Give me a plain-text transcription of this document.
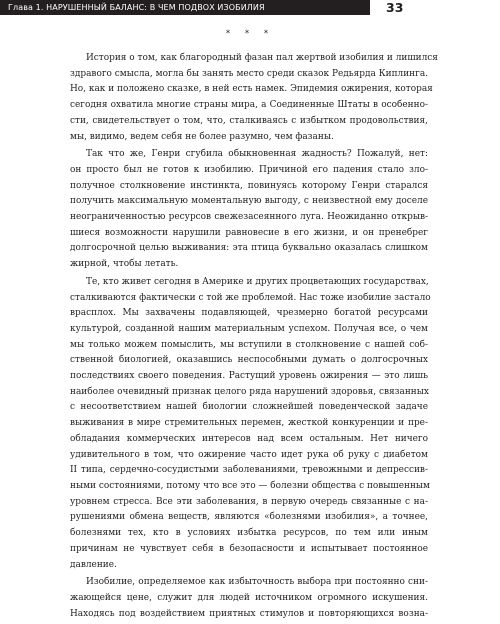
Глава 1. НАРУШЕННЫЙ БАЛАНС: В ЧЕМ ПОДВОХ ИЗОБИЛИЯ	33
* * *
История о том, как благородный фазан пал жертвой изобилия и лишился
здравого смысла, могла бы занять место среди сказок Редьярда Киплинга.
Но, как и положено сказке, в ней есть намек. Эпидемия ожирения, которая
сегодня охватила многие страны мира, а Соединенные Штаты в особенно-
сти, свидетельствует о том, что, сталкиваясь с избытком продовольствия,
мы, видимо, ведем себя не более разумно, чем фазаны.
Так что же, Генри сгубила обыкновенная жадность? Пожалуй, нет:
он просто был не готов к изобилию. Причиной его падения стало зло-
получное столкновение инстинкта, повинуясь которому Генри старался
получить максимальную моментальную выгоду, с неизвестной ему доселе
неограниченностью ресурсов свежезасеянного луга. Неожиданно открыв-
шиеся возможности нарушили равновесие в его жизни, и он пренебрег
долгосрочной целью выживания: эта птица буквально оказалась слишком
жирной, чтобы летать.
Те, кто живет сегодня в Америке и других процветающих государствах,
сталкиваются фактически с той же проблемой. Нас тоже изобилие застало
врасплох. Мы захвачены подавляющей, чрезмерно богатой ресурсами
культурой, созданной нашим материальным успехом. Получая все, о чем
мы только можем помыслить, мы вступили в столкновение с нашей соб-
ственной биологией, оказавшись неспособными думать о долгосрочных
последствиях своего поведения. Растущий уровень ожирения — это лишь
наиболее очевидный признак целого ряда нарушений здоровья, связанных
с несоответствием нашей биологии сложнейшей поведенческой задаче
выживания в мире стремительных перемен, жесткой конкуренции и пре-
обладания коммерческих интересов над всем остальным. Нет ничего
удивительного в том, что ожирение часто идет рука об руку с диабетом
II типа, сердечно-сосудистыми заболеваниями, тревожными и депрессив-
ными состояниями, потому что все это — болезни общества с повышенным
уровнем стресса. Все эти заболевания, в первую очередь связанные с на-
рушениями обмена веществ, являются «болезнями изобилия», а точнее,
болезнями тех, кто в условиях избытка ресурсов, по тем или иным
причинам не чувствует себя в безопасности и испытывает постоянное
давление.
Изобилие, определяемое как избыточность выбора при постоянно сни-
жающейся цене, служит для людей источником огромного искушения.
Находясь под воздействием приятных стимулов и повторяющихся возна-
